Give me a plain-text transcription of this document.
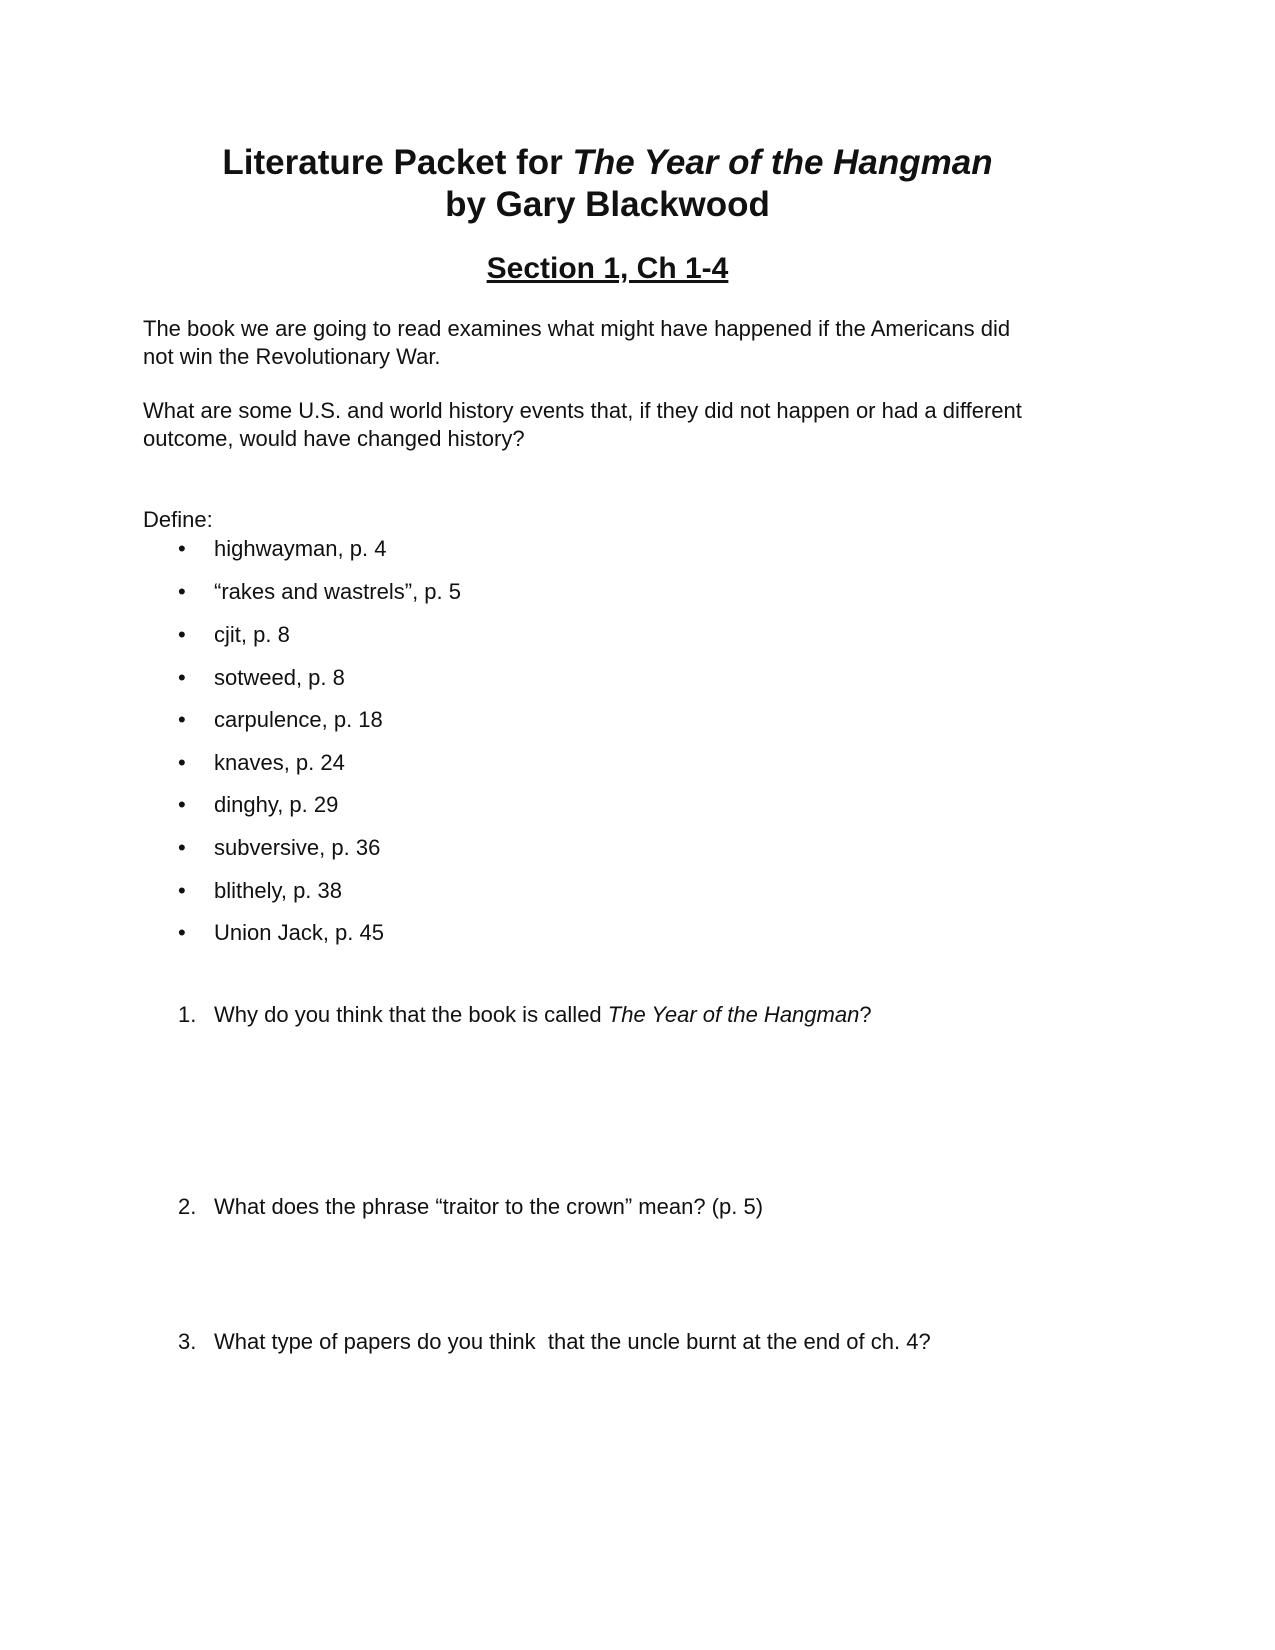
Literature Packet for The Year of the Hangman
by Gary Blackwood
Section 1, Ch 1-4
The book we are going to read examines what might have happened if the Americans did
not win the Revolutionary War.
What are some U.S. and world history events that, if they did not happen or had a different
outcome, would have changed history?
Define:
• highwayman, p. 4
• “rakes and wastrels”, p. 5
• cjit, p. 8
• sotweed, p. 8
• carpulence, p. 18
• knaves, p. 24
• dinghy, p. 29
• subversive, p. 36
• blithely, p. 38
• Union Jack, p. 45
1. Why do you think that the book is called The Year of the Hangman?
2. What does the phrase “traitor to the crown” mean? (p. 5)
3. What type of papers do you think  that the uncle burnt at the end of ch. 4?
